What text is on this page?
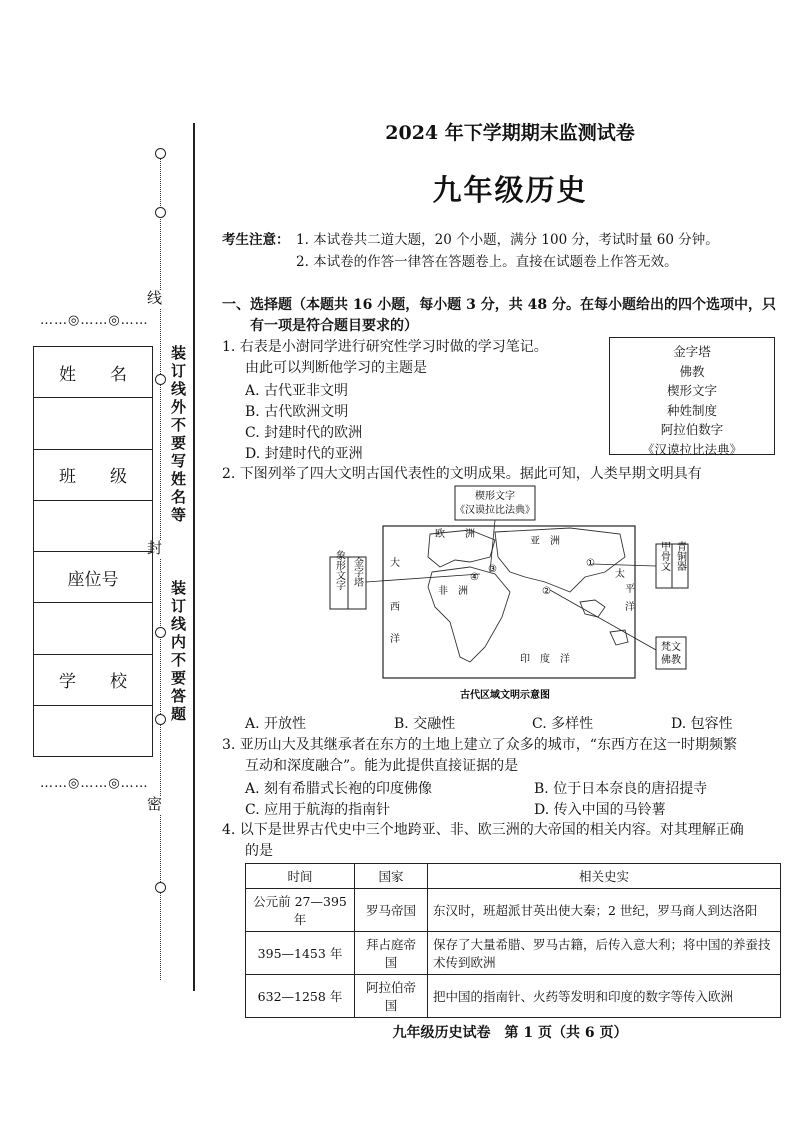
线
封
密
装订线外不要写姓名等
装订线内不要答题
……◎……◎……
……◎……◎……
姓　　名
班　　级
座位号
学　　校
2024 年下学期期末监测试卷
九年级历史
考生注意： 1. 本试卷共二道大题，20 个小题，满分 100 分，考试时量 60 分钟。
2. 本试卷的作答一律答在答题卷上。直接在试题卷上作答无效。
一、选择题（本题共 16 小题，每小题 3 分，共 48 分。在每小题给出的四个选项中，只
有一项是符合题目要求的）
1. 右表是小澍同学进行研究性学习时做的学习笔记。
由此可以判断他学习的主题是
A. 古代亚非文明
B. 古代欧洲文明
C. 封建时代的欧洲
D. 封建时代的亚洲
金字塔
佛教
楔形文字
种姓制度
阿拉伯数字
《汉谟拉比法典》
2. 下图列举了四大文明古国代表性的文明成果。据此可知，人类早期文明具有
楔形文字
《汉谟拉比法典》
象形文字 金字塔
甲骨文 青铜器
梵文
佛教
欧　　洲
亚　洲
非　洲
大
西
洋
印　度　洋
太
平
洋
①
②
③
④
古代区域文明示意图
A. 开放性	B. 交融性	C. 多样性	D. 包容性
3. 亚历山大及其继承者在东方的土地上建立了众多的城市，“东西方在这一时期频繁
互动和深度融合”。能为此提供直接证据的是
A. 刻有希腊式长袍的印度佛像	B. 位于日本奈良的唐招提寺
C. 应用于航海的指南针	D. 传入中国的马铃薯
4. 以下是世界古代史中三个地跨亚、非、欧三洲的大帝国的相关内容。对其理解正确
的是
时间	国家	相关史实
公元前 27—395 年	罗马帝国	东汉时，班超派甘英出使大秦；2 世纪，罗马商人到达洛阳
395—1453 年	拜占庭帝国	保存了大量希腊、罗马古籍，后传入意大利；将中国的养蚕技术传到欧洲
632—1258 年	阿拉伯帝国	把中国的指南针、火药等发明和印度的数字等传入欧洲
九年级历史试卷　第 1 页（共 6 页）
